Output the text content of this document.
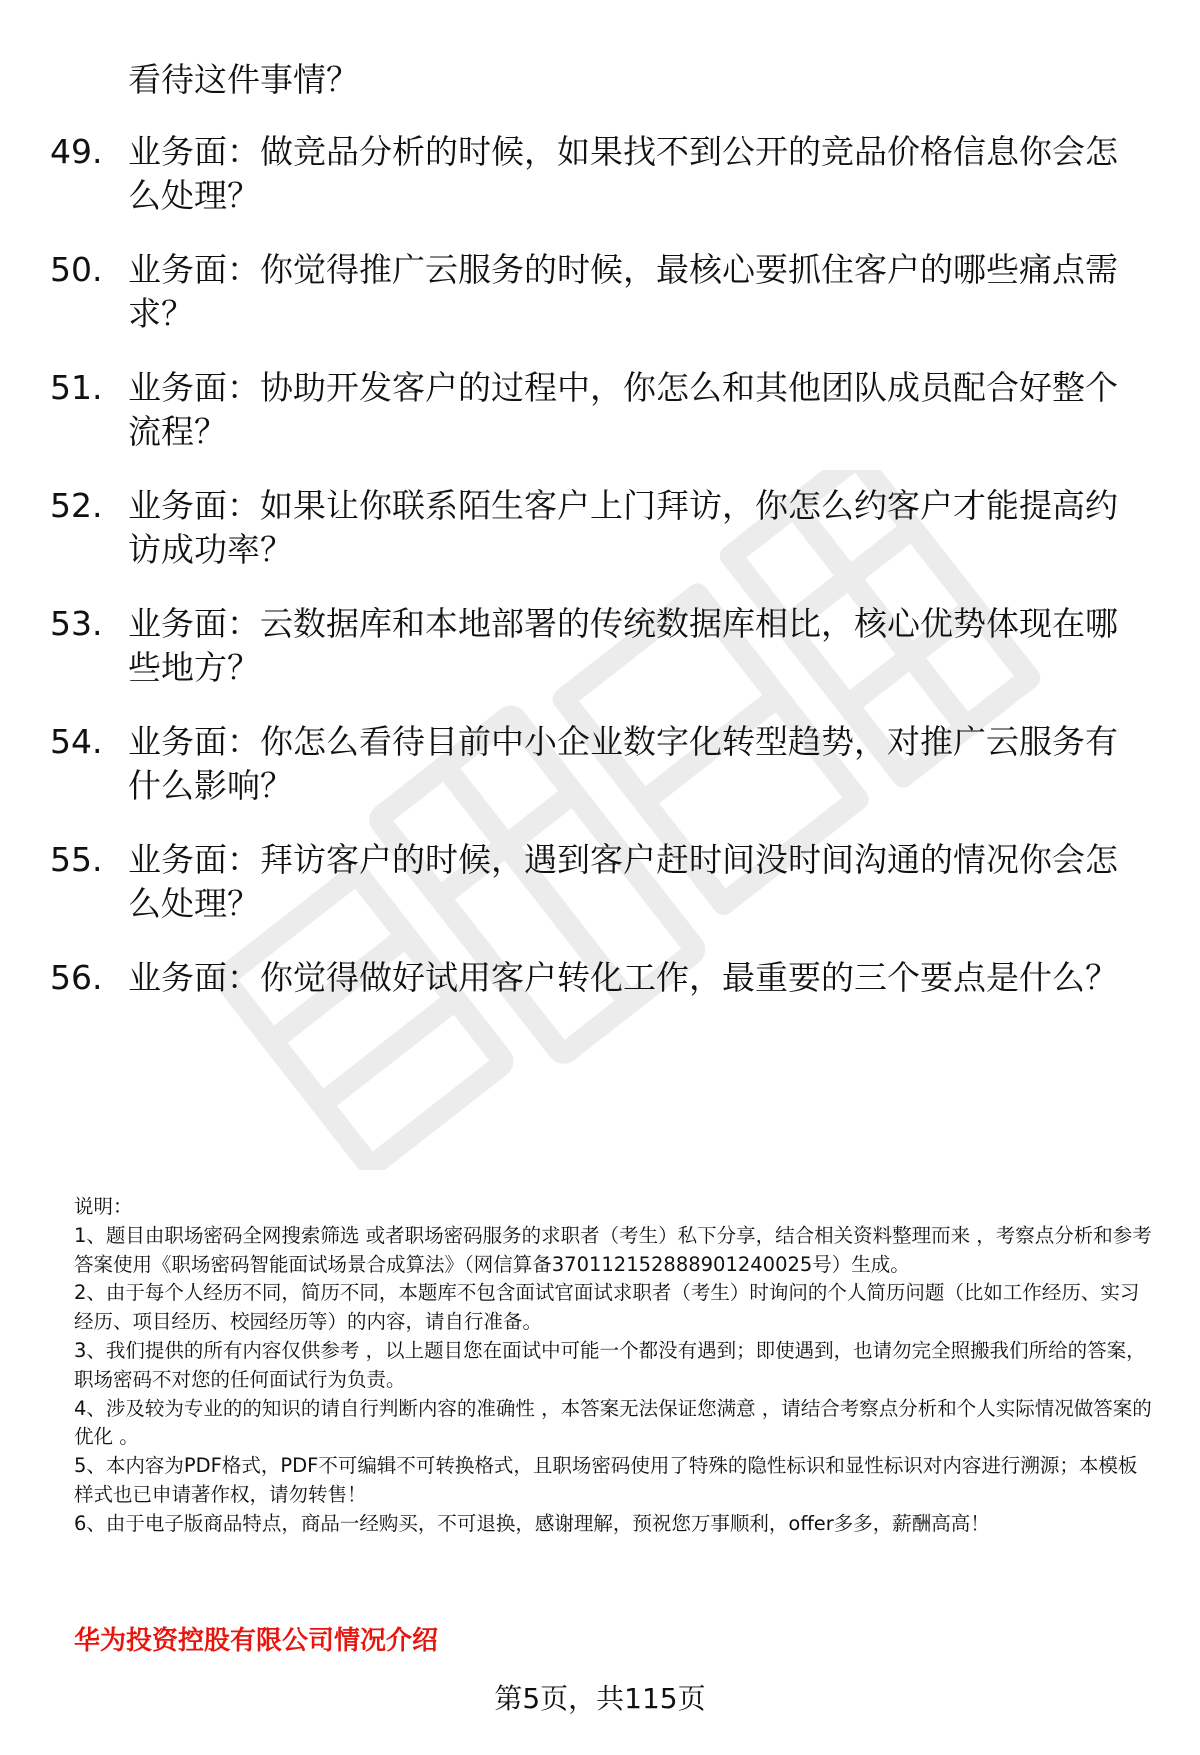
看待这件事情？
49. 业务面：做竞品分析的时候，如果找不到公开的竞品价格信息你会怎么处理？
50. 业务面：你觉得推广云服务的时候，最核心要抓住客户的哪些痛点需求？
51. 业务面：协助开发客户的过程中，你怎么和其他团队成员配合好整个流程？
52. 业务面：如果让你联系陌生客户上门拜访，你怎么约客户才能提高约访成功率？
53. 业务面：云数据库和本地部署的传统数据库相比，核心优势体现在哪些地方？
54. 业务面：你怎么看待目前中小企业数字化转型趋势，对推广云服务有什么影响？
55. 业务面：拜访客户的时候，遇到客户赶时间没时间沟通的情况你会怎么处理？
56. 业务面：你觉得做好试用客户转化工作，最重要的三个要点是什么？

说明：

1、题目由职场密码全网搜索筛选 或者职场密码服务的求职者（考生）私下分享，结合相关资料整理而来 ，考察点分析和参考答案使用《职场密码智能面试场景合成算法》（网信算备370112152888901240025号）生成。

2、由于每个人经历不同，简历不同，本题库不包含面试官面试求职者（考生）时询问的个人简历问题（比如工作经历、实习经历、项目经历、校园经历等）的内容，请自行准备。

3、我们提供的所有内容仅供参考 ，以上题目您在面试中可能一个都没有遇到；即使遇到，也请勿完全照搬我们所给的答案，职场密码不对您的任何面试行为负责。

4、涉及较为专业的的知识的请自行判断内容的准确性 ，本答案无法保证您满意 ，请结合考察点分析和个人实际情况做答案的优化 。

5、本内容为PDF格式，PDF不可编辑不可转换格式，且职场密码使用了特殊的隐性标识和显性标识对内容进行溯源；本模板样式也已申请著作权，请勿转售！

6、由于电子版商品特点，商品一经购买，不可退换，感谢理解，预祝您万事顺利，offer多多，薪酬高高！

华为投资控股有限公司情况介绍
第5页，共115页
